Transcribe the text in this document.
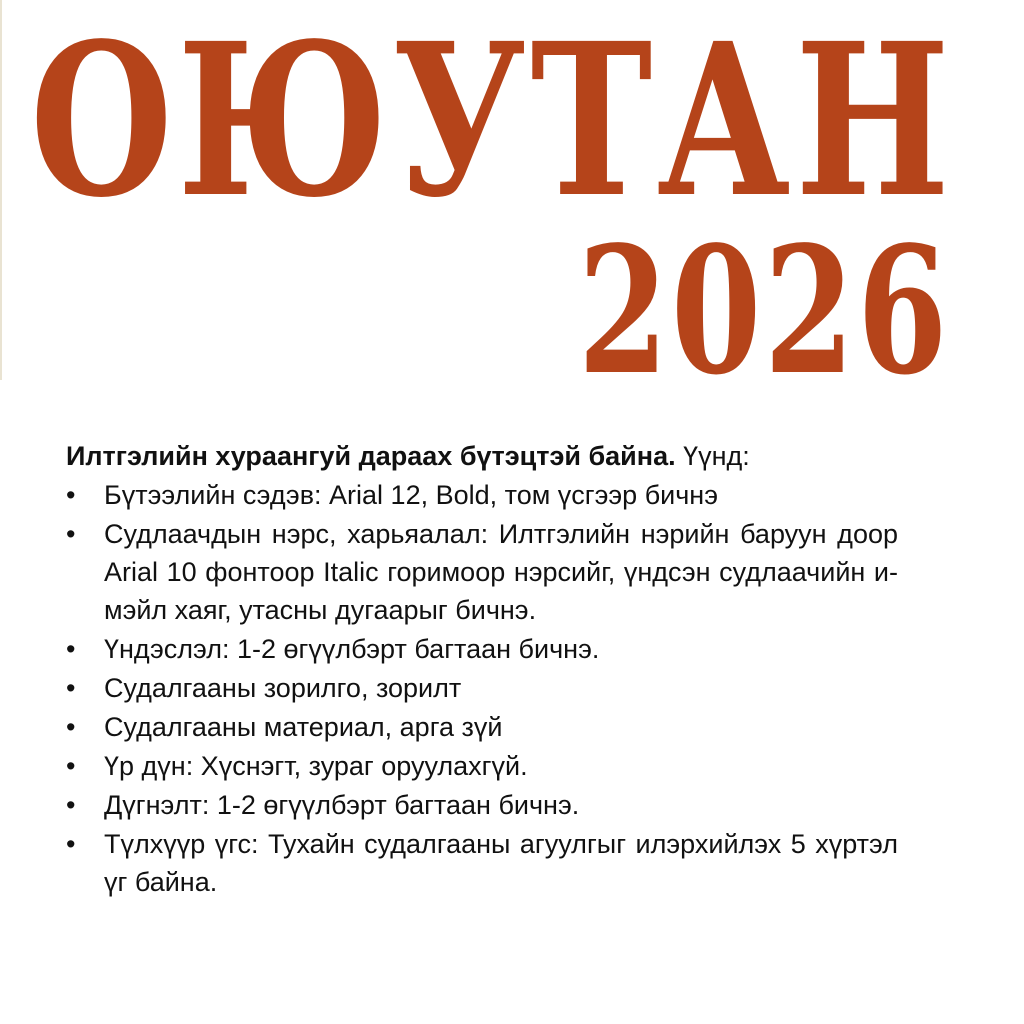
ОЮУТАН
2026

Илтгэлийн хураангуй дараах бүтэцтэй байна. Үүнд:

•	Бүтээлийн сэдэв: Arial 12, Bold, том үсгээр бичнэ
•	Судлаачдын нэрс, харьяалал: Илтгэлийн нэрийн баруун доор Arial 10 фонтоор Italic горимоор нэрсийг, үндсэн судлаачийн и-мэйл хаяг, утасны дугаарыг бичнэ.
•	Үндэслэл: 1-2 өгүүлбэрт багтаан бичнэ.
•	Судалгааны зорилго, зорилт
•	Судалгааны материал, арга зүй
•	Үр дүн: Хүснэгт, зураг оруулахгүй.
•	Дүгнэлт: 1-2 өгүүлбэрт багтаан бичнэ.
•	Түлхүүр үгс: Тухайн судалгааны агуулгыг илэрхийлэх 5 хүртэл үг байна.
